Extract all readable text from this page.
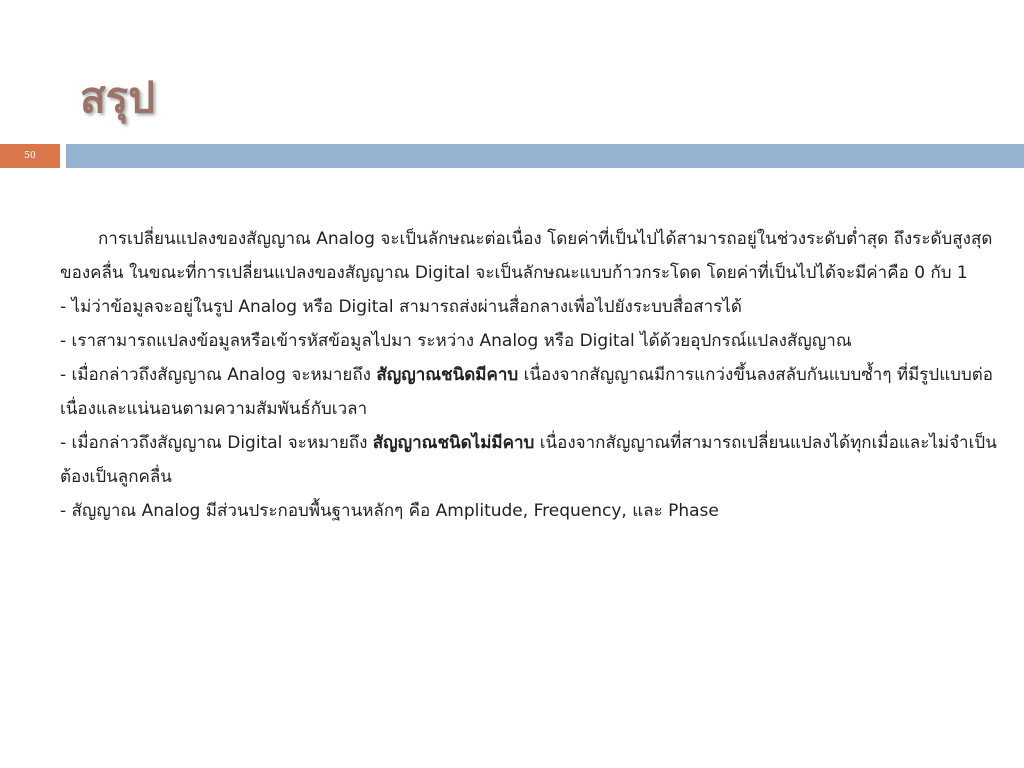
สรุป
50

การเปลี่ยนแปลงของสัญญาณ Analog จะเป็นลักษณะต่อเนื่อง โดยค่าที่เป็นไปได้สามารถอยู่ในช่วงระดับต่ำสุด ถึงระดับสูงสุดของคลื่น ในขณะที่การเปลี่ยนแปลงของสัญญาณ Digital จะเป็นลักษณะแบบก้าวกระโดด โดยค่าที่เป็นไปได้จะมีค่าคือ 0 กับ 1

- ไม่ว่าข้อมูลจะอยู่ในรูป Analog หรือ Digital สามารถส่งผ่านสื่อกลางเพื่อไปยังระบบสื่อสารได้

- เราสามารถแปลงข้อมูลหรือเข้ารหัสข้อมูลไปมา ระหว่าง Analog หรือ Digital ได้ด้วยอุปกรณ์แปลงสัญญาณ

- เมื่อกล่าวถึงสัญญาณ Analog จะหมายถึง สัญญาณชนิดมีคาบ เนื่องจากสัญญาณมีการแกว่งขึ้นลงสลับกันแบบซ้ำๆ ที่มีรูปแบบต่อเนื่องและแน่นอนตามความสัมพันธ์กับเวลา

- เมื่อกล่าวถึงสัญญาณ Digital จะหมายถึง สัญญาณชนิดไม่มีคาบ เนื่องจากสัญญาณที่สามารถเปลี่ยนแปลงได้ทุกเมื่อและไม่จำเป็นต้องเป็นลูกคลื่น

- สัญญาณ Analog มีส่วนประกอบพื้นฐานหลักๆ คือ Amplitude, Frequency, และ Phase
